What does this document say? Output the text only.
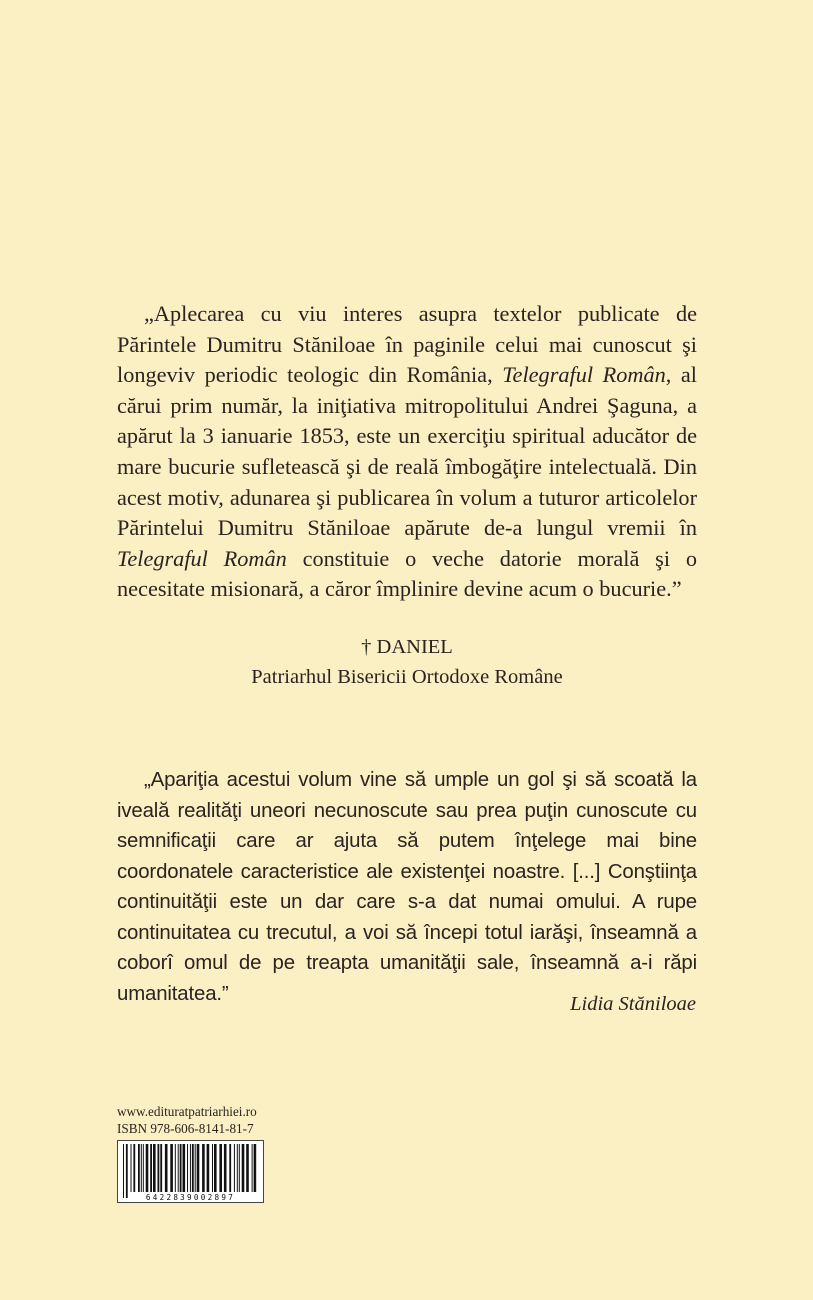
„Aplecarea cu viu interes asupra textelor publicate de Părintele Dumitru Stăniloae în paginile celui mai cunoscut şi longeviv periodic teologic din România, Telegraful Român, al cărui prim număr, la iniţiativa mitropolitului Andrei Şaguna, a apărut la 3 ianuarie 1853, este un exerciţiu spiritual aducător de mare bucurie sufletească şi de reală îmbogăţire intelectuală. Din acest motiv, adunarea şi publicarea în volum a tuturor articolelor Părintelui Dumitru Stăniloae apărute de-a lungul vremii în Telegraful Român constituie o veche datorie morală şi o necesitate misionară, a căror împlinire devine acum o bucurie.”

† DANIEL
Patriarhul Bisericii Ortodoxe Române

„Apariţia acestui volum vine să umple un gol şi să scoată la iveală realităţi uneori necunoscute sau prea puţin cunoscute cu semnificaţii care ar ajuta să putem înţelege mai bine coordonatele caracteristice ale existenţei noastre. [...] Conştiinţa continuităţii este un dar care s-a dat numai omului. A rupe continuitatea cu trecutul, a voi să începi totul iarăşi, înseamnă a coborî omul de pe treapta umanităţii sale, înseamnă a-i răpi umanitatea.”	Lidia Stăniloae
www.edituratpatriarhiei.ro
ISBN 978-606-8141-81-7
6422839002897
